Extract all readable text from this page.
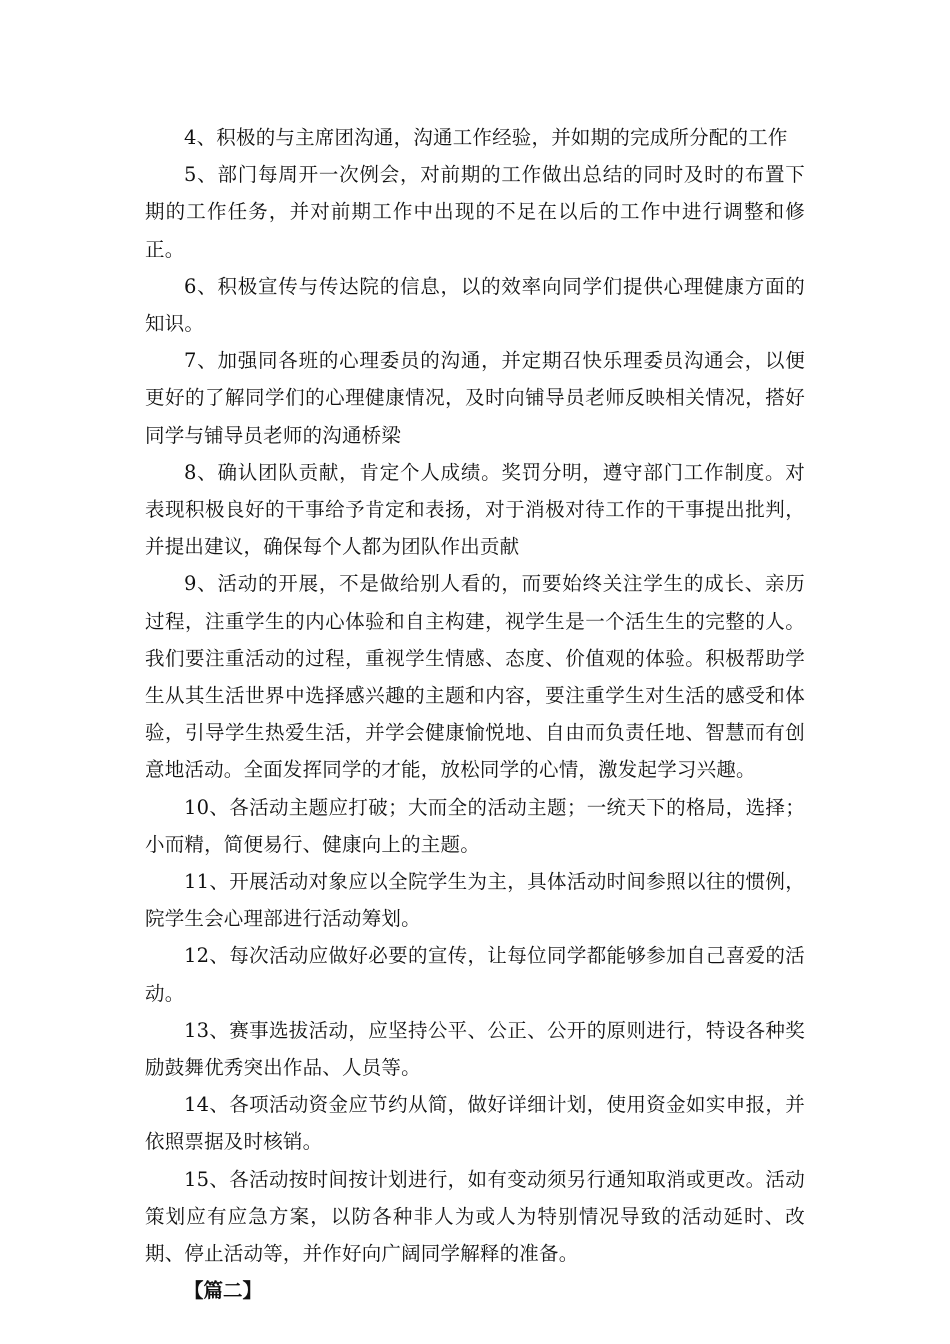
4、积极的与主席团沟通，沟通工作经验，并如期的完成所分配的工作

5、部门每周开一次例会，对前期的工作做出总结的同时及时的布置下期的工作任务，并对前期工作中出现的不足在以后的工作中进行调整和修正。

6、积极宣传与传达院的信息，以的效率向同学们提供心理健康方面的知识。

7、加强同各班的心理委员的沟通，并定期召快乐理委员沟通会，以便更好的了解同学们的心理健康情况，及时向铺导员老师反映相关情况，搭好同学与铺导员老师的沟通桥梁

8、确认团队贡献，肯定个人成绩。奖罚分明，遵守部门工作制度。对表现积极良好的干事给予肯定和表扬，对于消极对待工作的干事提出批判，并提出建议，确保每个人都为团队作出贡献

9、活动的开展，不是做给别人看的，而要始终关注学生的成长、亲历过程，注重学生的内心体验和自主构建，视学生是一个活生生的完整的人。我们要注重活动的过程，重视学生情感、态度、价值观的体验。积极帮助学生从其生活世界中选择感兴趣的主题和内容，要注重学生对生活的感受和体验，引导学生热爱生活，并学会健康愉悦地、自由而负责任地、智慧而有创意地活动。全面发挥同学的才能，放松同学的心情，激发起学习兴趣。

10、各活动主题应打破；大而全的活动主题；一统天下的格局，选择；小而精，简便易行、健康向上的主题。

11、开展活动对象应以全院学生为主，具体活动时间参照以往的惯例，院学生会心理部进行活动筹划。

12、每次活动应做好必要的宣传，让每位同学都能够参加自己喜爱的活动。

13、赛事选拔活动，应坚持公平、公正、公开的原则进行，特设各种奖励鼓舞优秀突出作品、人员等。

14、各项活动资金应节约从简，做好详细计划，使用资金如实申报，并依照票据及时核销。

15、各活动按时间按计划进行，如有变动须另行通知取消或更改。活动策划应有应急方案，以防各种非人为或人为特别情况导致的活动延时、改期、停止活动等，并作好向广阔同学解释的准备。

【篇二】
